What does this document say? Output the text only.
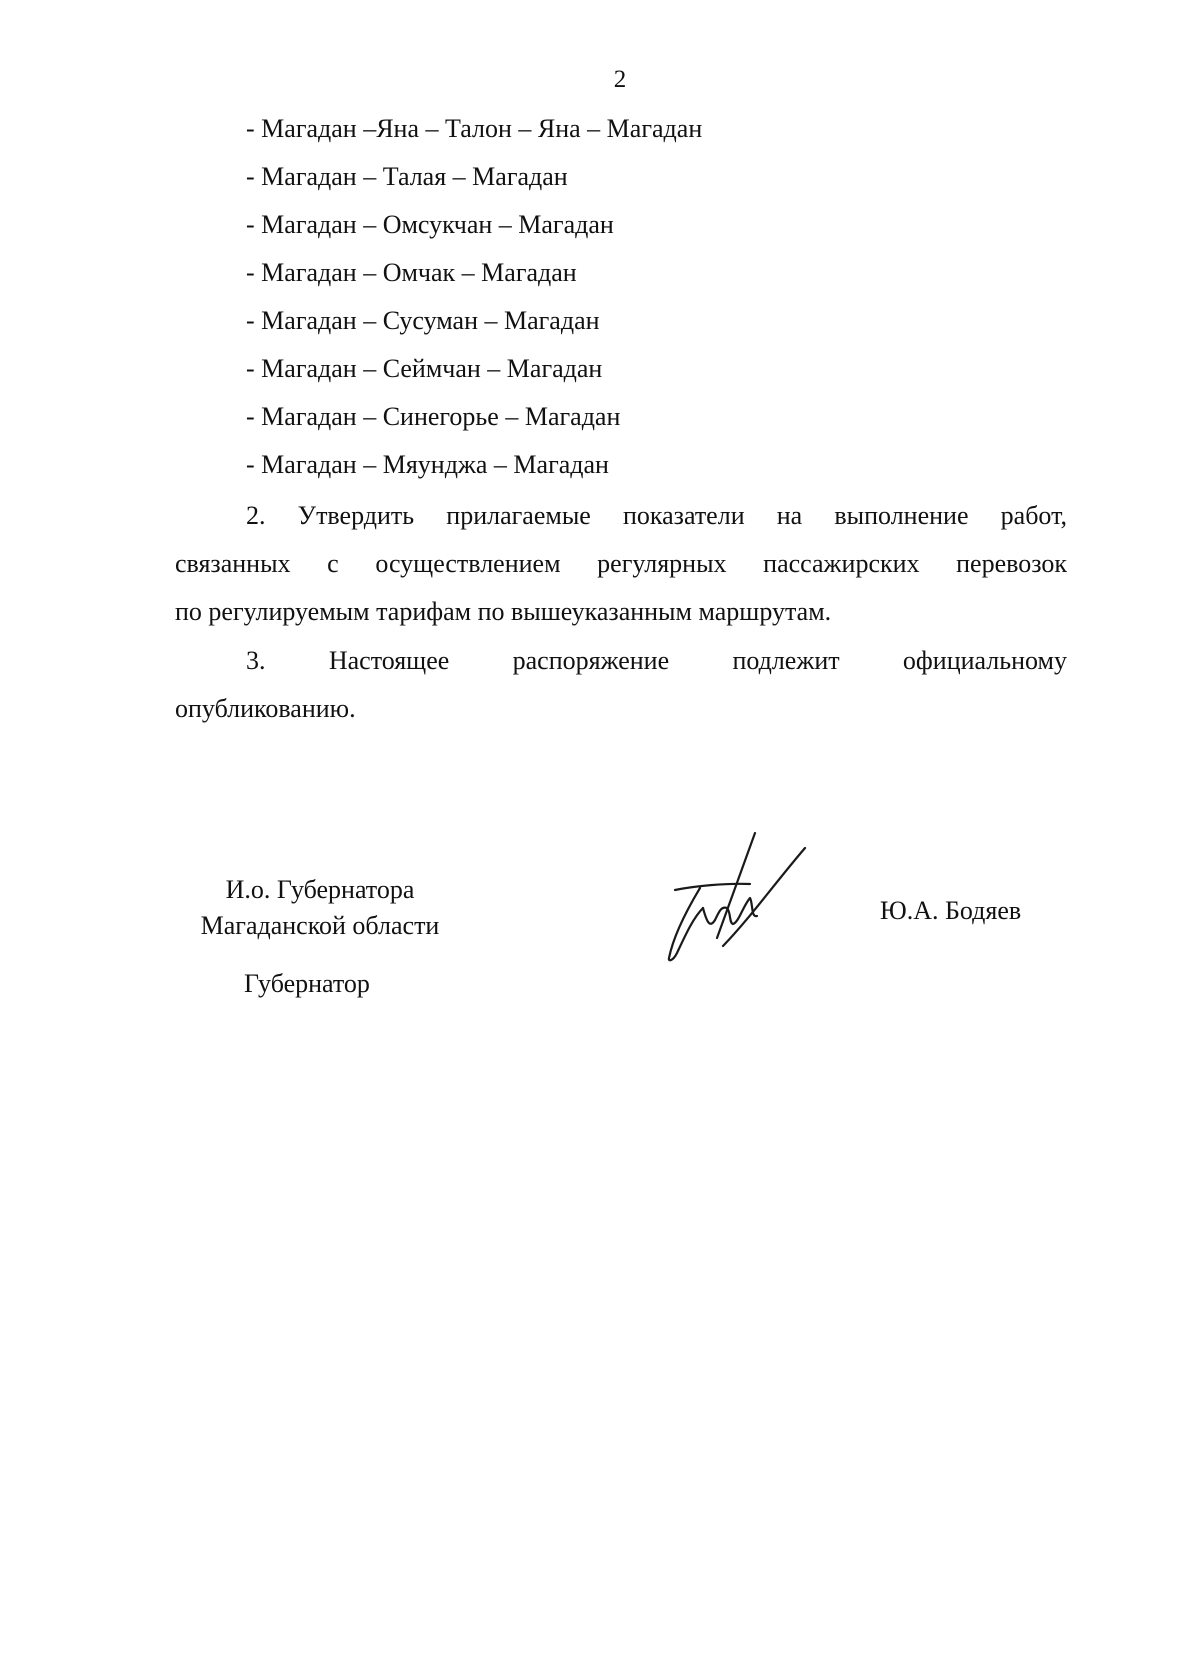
2
- Магадан –Яна – Талон – Яна – Магадан
- Магадан – Талая – Магадан
- Магадан – Омсукчан – Магадан
- Магадан – Омчак – Магадан
- Магадан – Сусуман – Магадан
- Магадан – Сеймчан – Магадан
- Магадан – Синегорье – Магадан
- Магадан – Мяунджа – Магадан
2. Утвердить прилагаемые показатели на выполнение работ,
связанных с осуществлением регулярных пассажирских перевозок
по регулируемым тарифам по вышеуказанным маршрутам.
3. Настоящее распоряжение подлежит официальному
опубликованию.
И.о. Губернатора
Магаданской области
Ю.А. Бодяев
Губернатор
